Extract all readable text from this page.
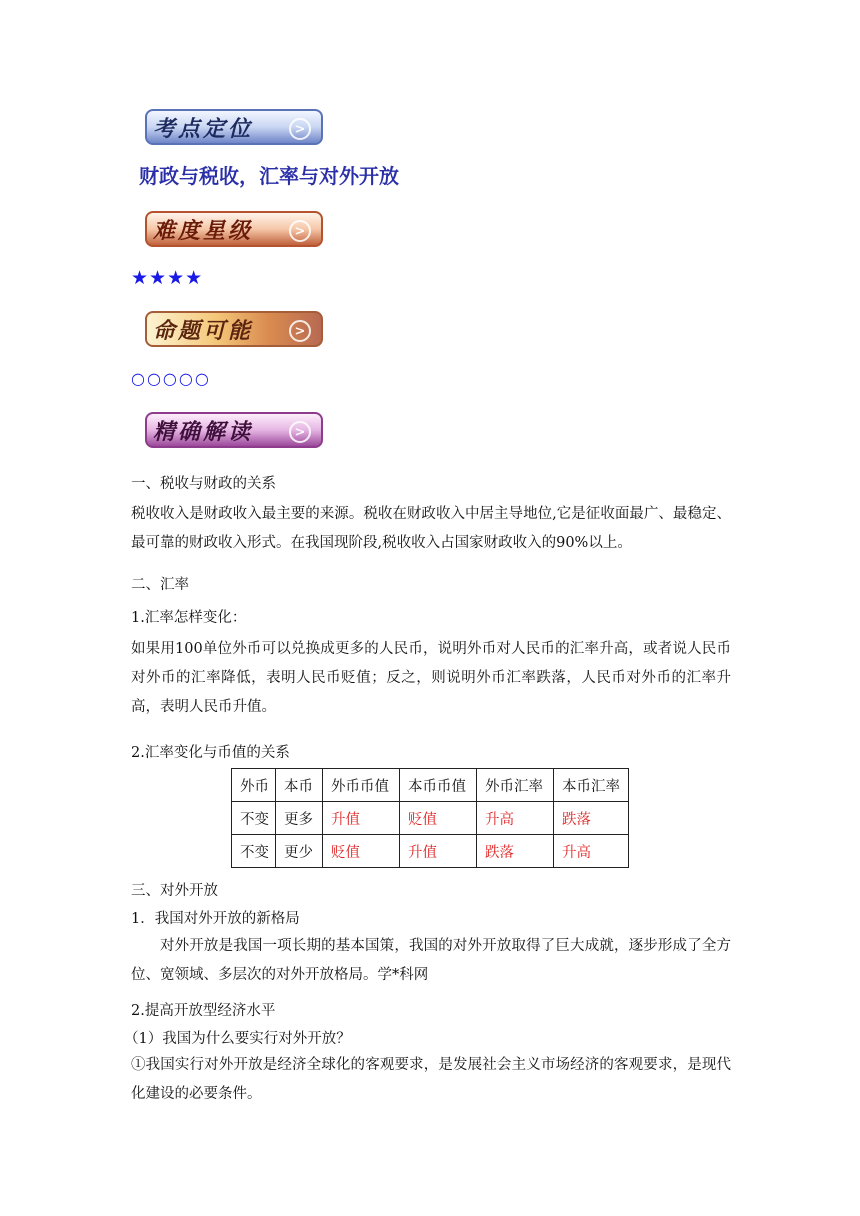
考点定位	>
财政与税收，汇率与对外开放
难度星级	>
★★★★
命题可能	>
○○○○○
精确解读	>
一、税收与财政的关系
税收收入是财政收入最主要的来源。税收在财政收入中居主导地位,它是征收面最广、最稳定、最可靠的财政收入形式。在我国现阶段,税收收入占国家财政收入的90%以上。
二、汇率
1.汇率怎样变化：
如果用100单位外币可以兑换成更多的人民币，说明外币对人民币的汇率升高，或者说人民币对外币的汇率降低，表明人民币贬值；反之，则说明外币汇率跌落，人民币对外币的汇率升高，表明人民币升值。
2.汇率变化与币值的关系
外币	本币	外币币值	本币币值	外币汇率	本币汇率
不变	更多	升值	贬值	升高	跌落
不变	更少	贬值	升值	跌落	升高
三、对外开放
1．我国对外开放的新格局
对外开放是我国一项长期的基本国策，我国的对外开放取得了巨大成就，逐步形成了全方位、宽领域、多层次的对外开放格局。学*科网
2.提高开放型经济水平
（1）我国为什么要实行对外开放？
①我国实行对外开放是经济全球化的客观要求，是发展社会主义市场经济的客观要求，是现代化建设的必要条件。
